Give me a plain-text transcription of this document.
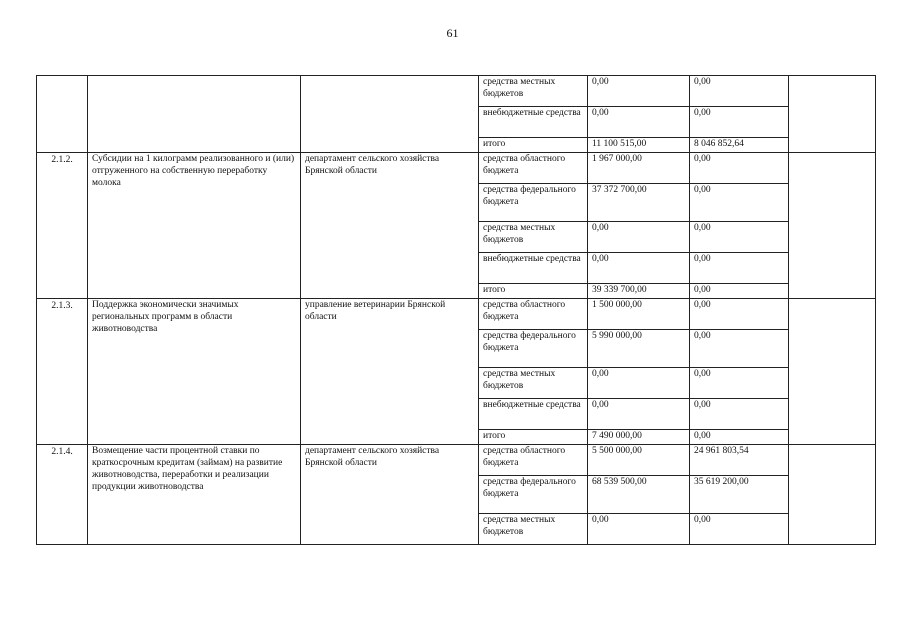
61
			средства местных бюджетов	0,00	0,00	
			внебюджетные средства	0,00	0,00	
			итого	11 100 515,00	8 046 852,64	
2.1.2.	Субсидии на 1 килограмм реализованного и (или) отгруженного на собственную переработку молока	департамент сельского хозяйства Брянской области	средства областного бюджета	1 967 000,00	0,00	
			средства федерального бюджета	37 372 700,00	0,00	
			средства местных бюджетов	0,00	0,00	
			внебюджетные средства	0,00	0,00	
			итого	39 339 700,00	0,00	
2.1.3.	Поддержка экономически значимых региональных программ в области животноводства	управление ветеринарии Брянской области	средства областного бюджета	1 500 000,00	0,00	
			средства федерального бюджета	5 990 000,00	0,00	
			средства местных бюджетов	0,00	0,00	
			внебюджетные средства	0,00	0,00	
			итого	7 490 000,00	0,00	
2.1.4.	Возмещение части процентной ставки по краткосрочным кредитам (займам) на развитие животноводства, переработки и реализации продукции животноводства	департамент сельского хозяйства Брянской области	средства областного бюджета	5 500 000,00	24 961 803,54	
			средства федерального бюджета	68 539 500,00	35 619 200,00	
			средства местных бюджетов	0,00	0,00	
